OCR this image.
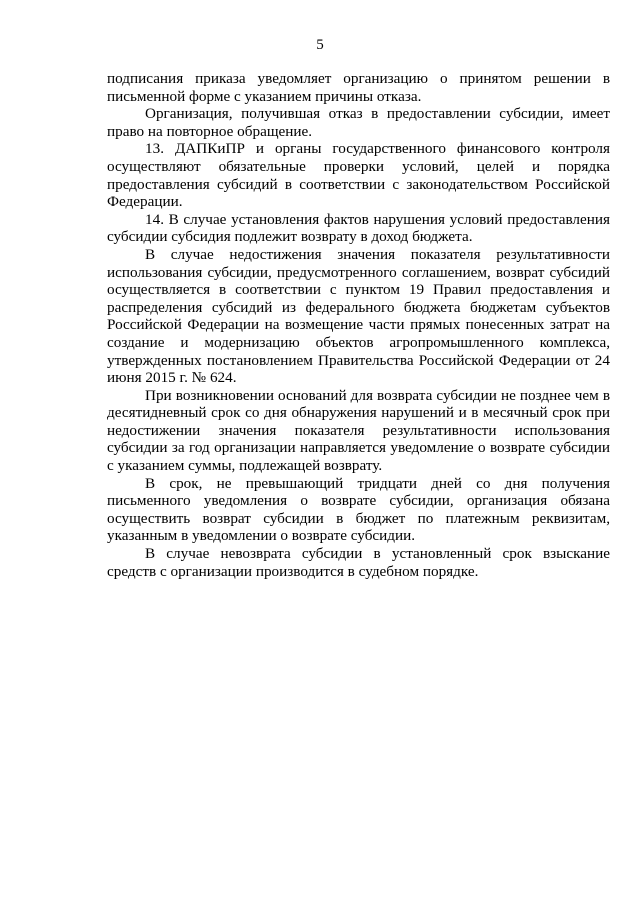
5

подписания приказа уведомляет организацию о принятом решении в письменной форме с указанием причины отказа.

Организация, получившая отказ в предоставлении субсидии, имеет право на повторное обращение.

13. ДАПКиПР и органы государственного финансового контроля осуществляют обязательные проверки условий, целей и порядка предоставления субсидий в соответствии с законодательством Российской Федерации.

14. В случае установления фактов нарушения условий предоставления субсидии субсидия подлежит возврату в доход бюджета.

В случае недостижения значения показателя результативности использования субсидии, предусмотренного соглашением, возврат субсидий осуществляется в соответствии с пунктом 19 Правил предоставления и распределения субсидий из федерального бюджета бюджетам субъектов Российской Федерации на возмещение части прямых понесенных затрат на создание и модернизацию объектов агропромышленного комплекса, утвержденных постановлением Правительства Российской Федерации от 24 июня 2015 г. № 624.

При возникновении оснований для возврата субсидии не позднее чем в десятидневный срок со дня обнаружения нарушений и в месячный срок при недостижении значения показателя результативности использования субсидии за год организации направляется уведомление о возврате субсидии с указанием суммы, подлежащей возврату.

В срок, не превышающий тридцати дней со дня получения письменного уведомления о возврате субсидии, организация обязана осуществить возврат субсидии в бюджет по платежным реквизитам, указанным в уведомлении о возврате субсидии.

В случае невозврата субсидии в установленный срок взыскание средств с организации производится в судебном порядке.
